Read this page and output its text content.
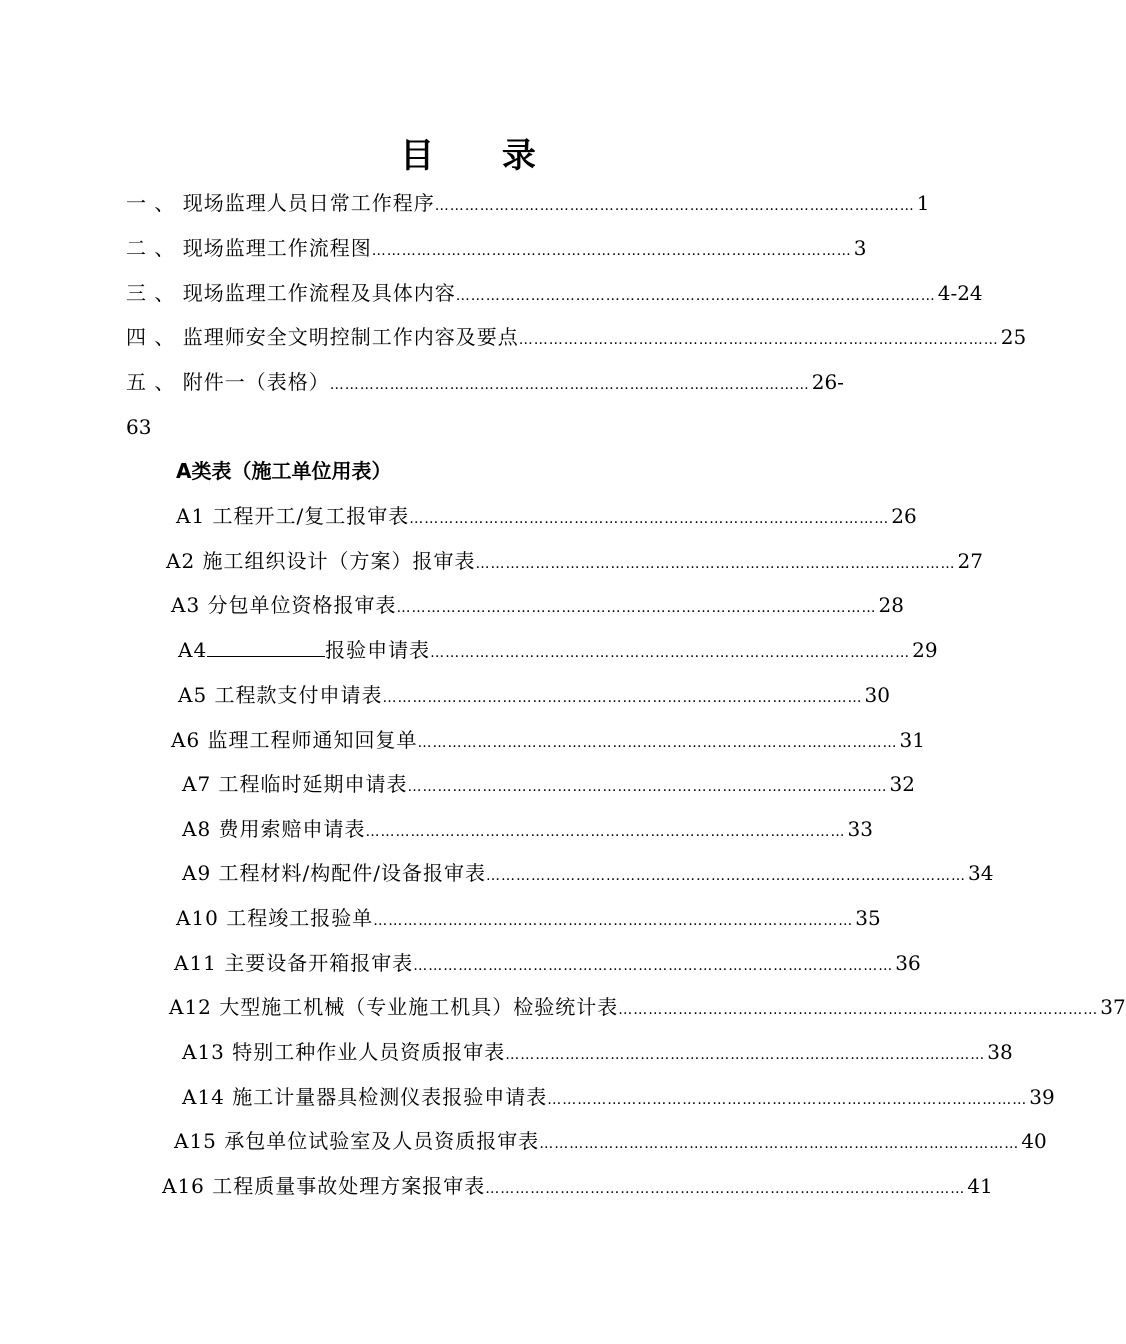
目 录
一 、 现场监理人员日常工作程序 …………………………………………………………………………………… 1
二 、 现场监理工作流程图 …………………………………………………………………………………… 3
三 、 现场监理工作流程及具体内容 …………………………………………………………………………………… 4-24
四 、 监理师安全文明控制工作内容及要点 …………………………………………………………………………………… 25
五 、 附件一（表格） …………………………………………………………………………………… 26-
63
A类表（施工单位用表）
A1 工程开工/复工报审表 …………………………………………………………………………………… 26
A2 施工组织设计（方案）报审表 …………………………………………………………………………………… 27
A3 分包单位资格报审表 …………………………………………………………………………………… 28
A4	报验申请表 …………………………………………………………………………………… 29
A5 工程款支付申请表 …………………………………………………………………………………… 30
A6 监理工程师通知回复单 …………………………………………………………………………………… 31
A7 工程临时延期申请表 …………………………………………………………………………………… 32
A8 费用索赔申请表 …………………………………………………………………………………… 33
A9 工程材料/构配件/设备报审表 …………………………………………………………………………………… 34
A10 工程竣工报验单 …………………………………………………………………………………… 35
A11 主要设备开箱报审表 …………………………………………………………………………………… 36
A12 大型施工机械（专业施工机具）检验统计表 …………………………………………………………………………………… 37
A13 特别工种作业人员资质报审表 …………………………………………………………………………………… 38
A14 施工计量器具检测仪表报验申请表 …………………………………………………………………………………… 39
A15 承包单位试验室及人员资质报审表 …………………………………………………………………………………… 40
A16 工程质量事故处理方案报审表 …………………………………………………………………………………… 41
